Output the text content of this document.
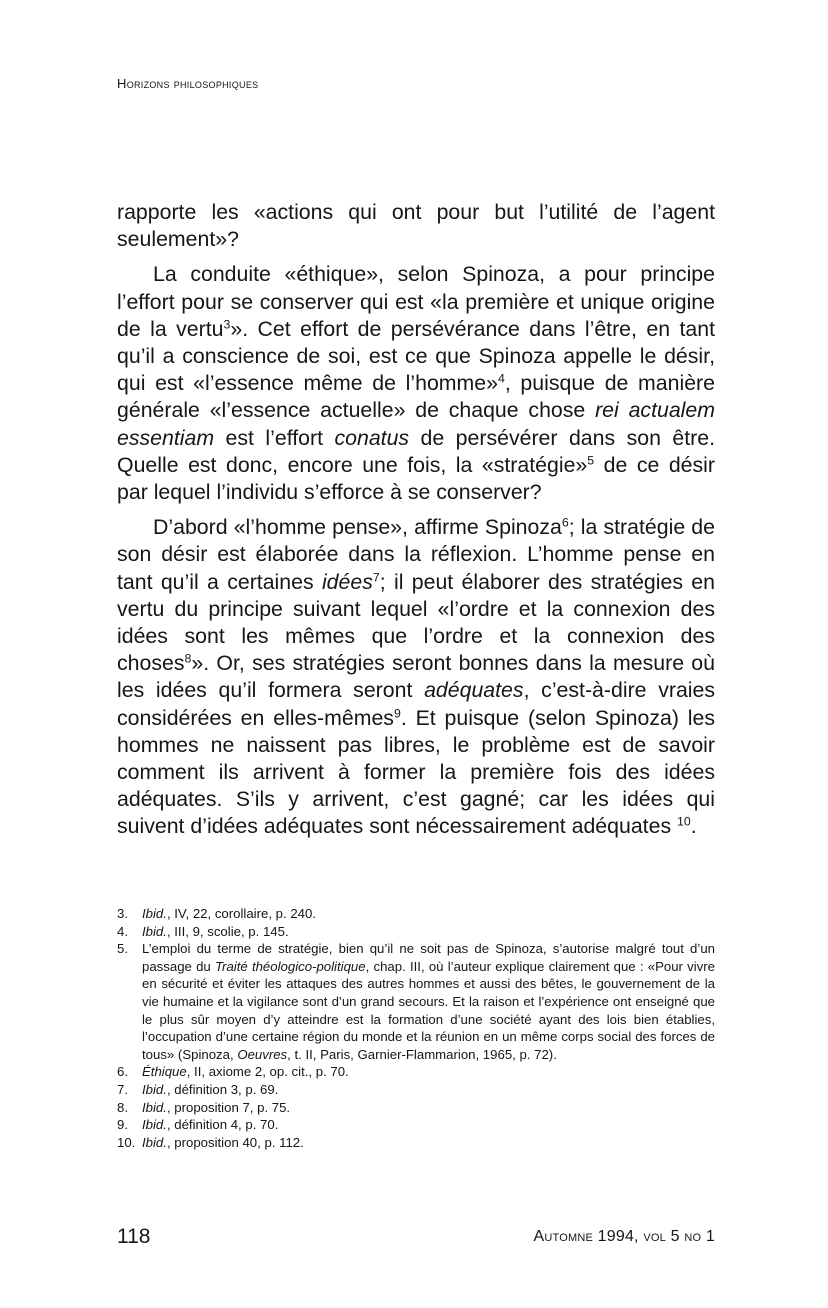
Horizons philosophiques

rapporte les «actions qui ont pour but l’utilité de l’agent seulement»?

La conduite «éthique», selon Spinoza, a pour principe l’effort pour se conserver qui est «la première et unique origine de la vertu$^3$». Cet effort de persévérance dans l’être, en tant qu’il a conscience de soi, est ce que Spinoza appelle le désir, qui est «l’essence même de l’homme»$^4$, puisque de manière générale «l’essence actuelle» de chaque chose rei actualem essentiam est l’effort conatus de persévérer dans son être. Quelle est donc, encore une fois, la «stratégie»$^5$ de ce désir par lequel l’individu s’efforce à se conserver?

D’abord «l’homme pense», affirme Spinoza$^6$; la stratégie de son désir est élaborée dans la réflexion. L’homme pense en tant qu’il a certaines idées$^7$; il peut élaborer des stratégies en vertu du principe suivant lequel «l’ordre et la connexion des idées sont les mêmes que l’ordre et la connexion des choses$^8$». Or, ses stratégies seront bonnes dans la mesure où les idées qu’il formera seront adéquates, c’est-à-dire vraies considérées en elles-mêmes$^9$. Et puisque (selon Spinoza) les hommes ne naissent pas libres, le problème est de savoir comment ils arrivent à former la première fois des idées adéquates. S’ils y arrivent, c’est gagné; car les idées qui suivent d’idées adéquates sont nécessairement adéquates $^{10}$.

3.	Ibid., IV, 22, corollaire, p. 240.
4.	Ibid., III, 9, scolie, p. 145.
5.	L’emploi du terme de stratégie, bien qu’il ne soit pas de Spinoza, s’autorise malgré tout d’un passage du Traité théologico-politique, chap. III, où l’auteur explique clairement que : «Pour vivre en sécurité et éviter les attaques des autres hommes et aussi des bêtes, le gouvernement de la vie humaine et la vigilance sont d’un grand secours. Et la raison et l’expérience ont enseigné que le plus sûr moyen d’y atteindre est la formation d’une société ayant des lois bien établies, l’occupation d’une certaine région du monde et la réunion en un même corps social des forces de tous» (Spinoza, Oeuvres, t. II, Paris, Garnier-Flammarion, 1965, p. 72).
6.	Éthique, II, axiome 2, op. cit., p. 70.
7.	Ibid., définition 3, p. 69.
8.	Ibid., proposition 7, p. 75.
9.	Ibid., définition 4, p. 70.
10. Ibid., proposition 40, p. 112.
118	Automne 1994, vol 5 no 1
